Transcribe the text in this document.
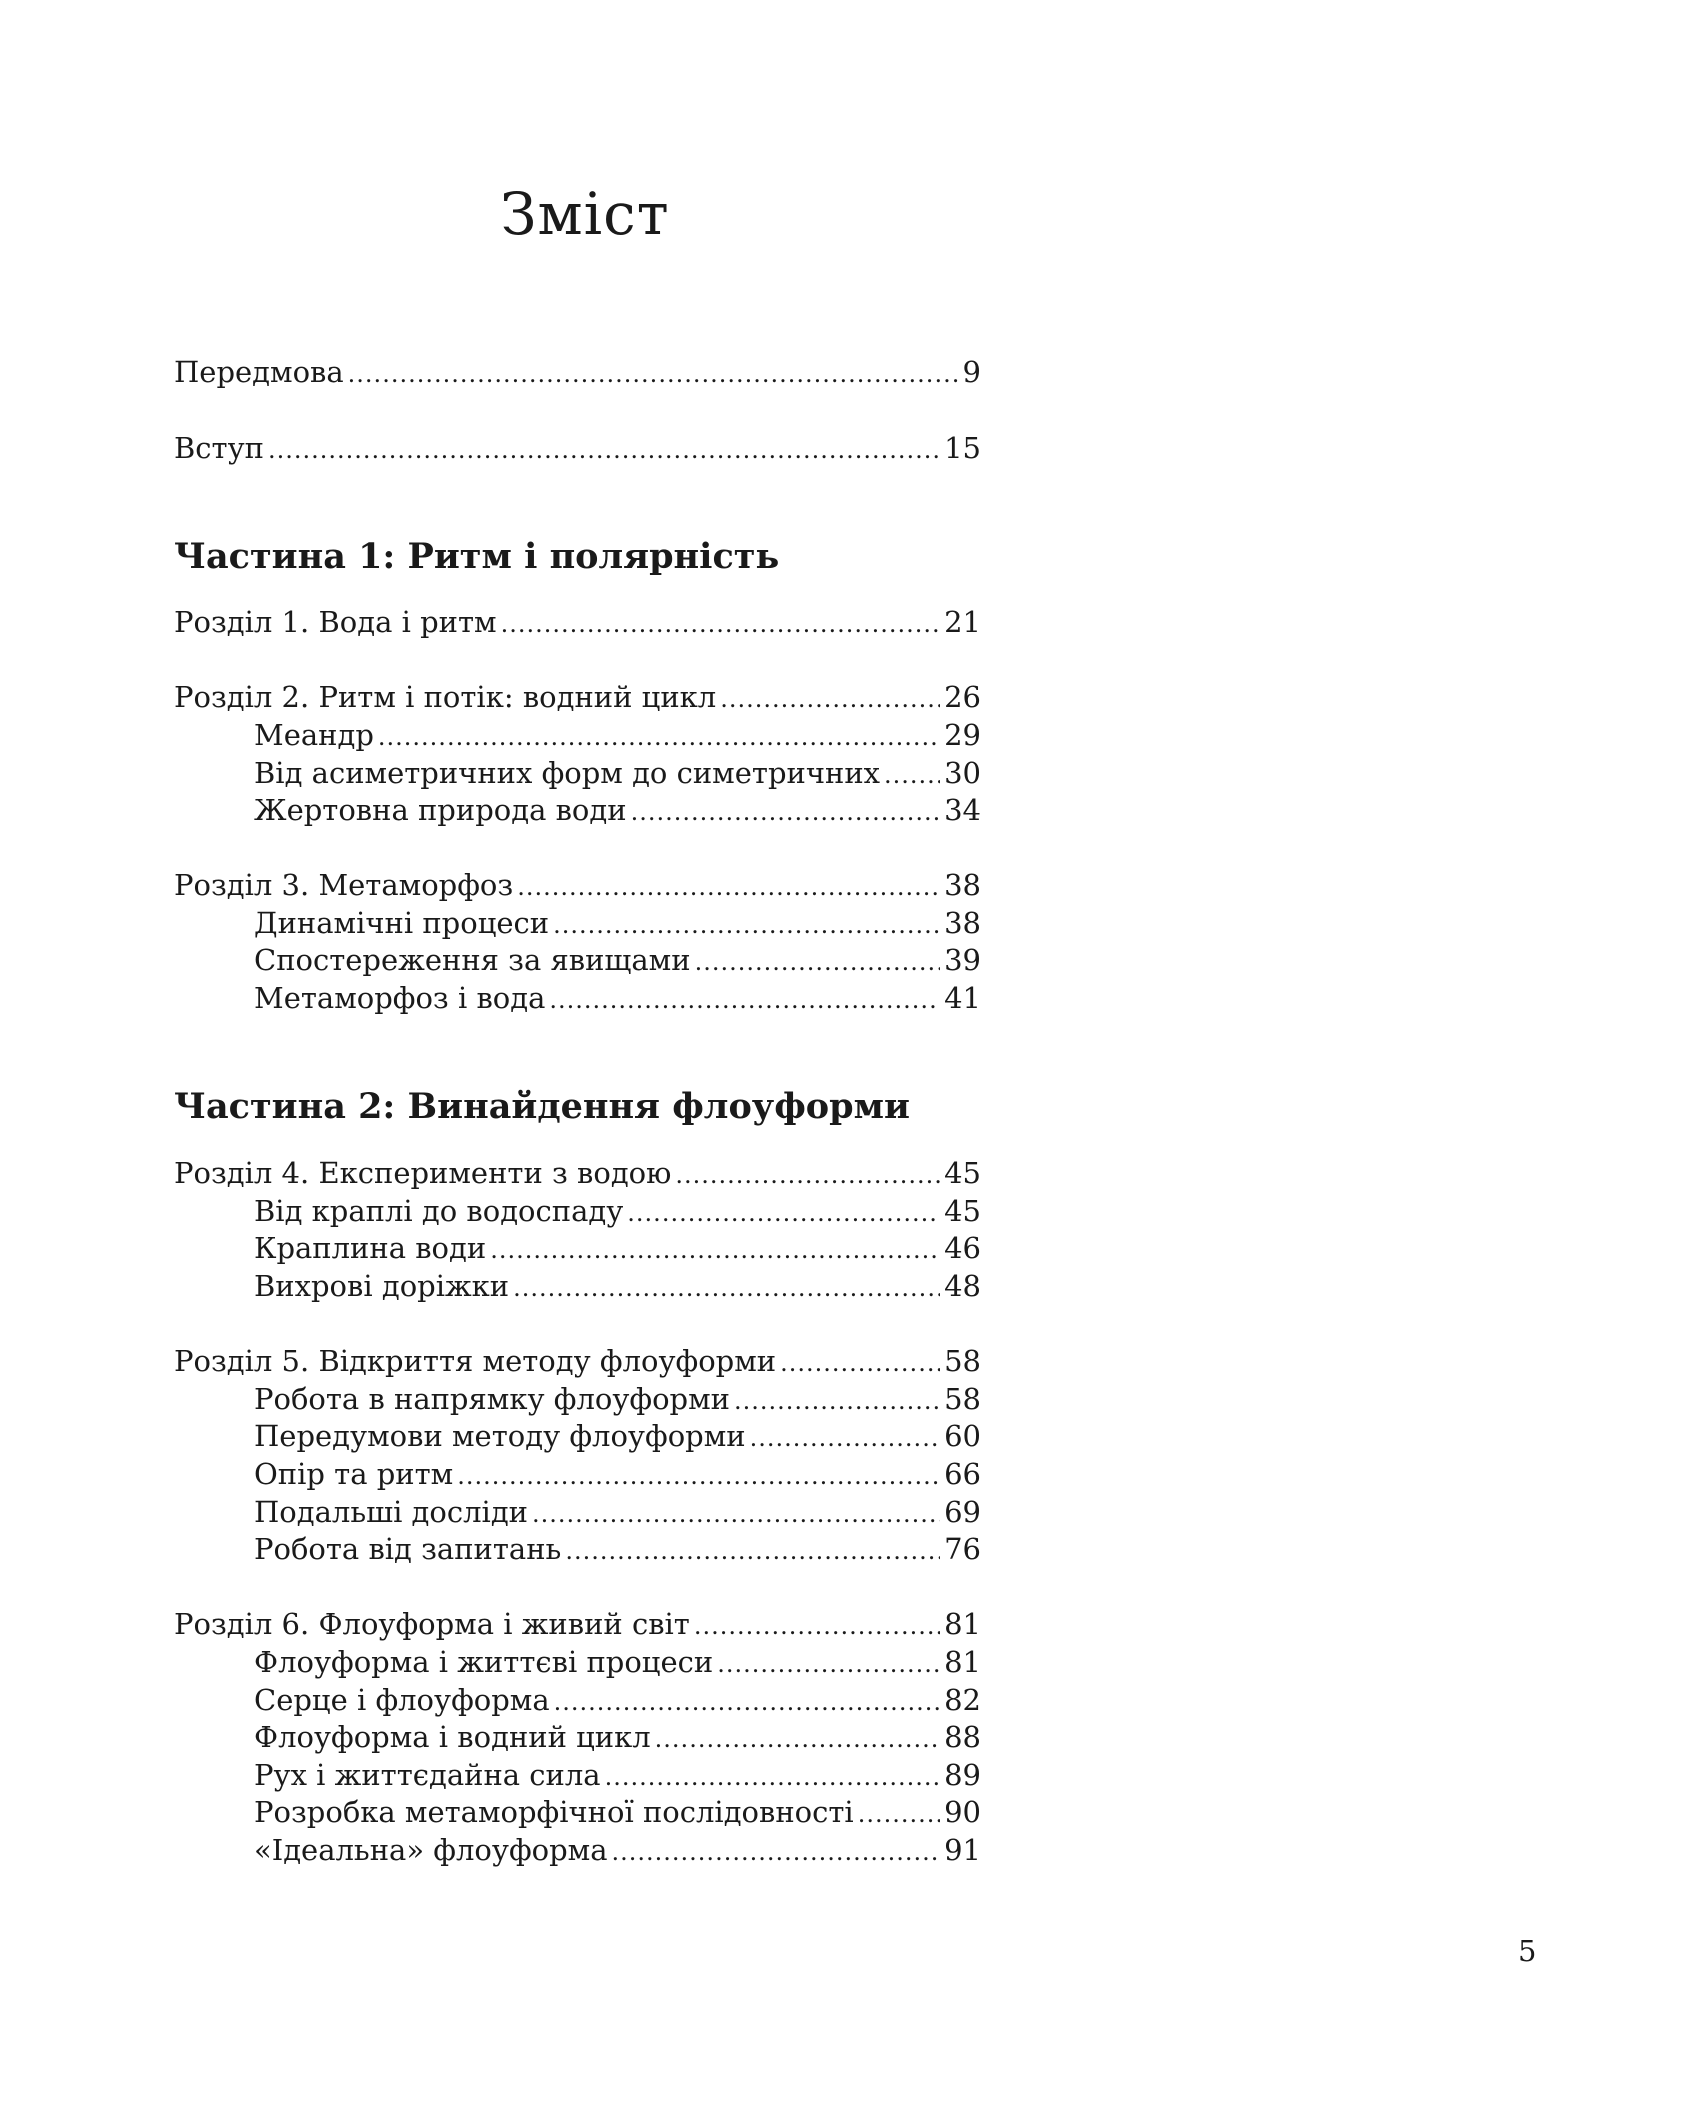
Зміст
Передмова .....	9
Вступ .....	15
Частина 1: Ритм і полярність
Розділ 1. Вода і ритм .....	21
Розділ 2. Ритм і потік: водний цикл .....	26
Меандр .....	29
Від асиметричних форм до симетричних ..... 30
Жертовна природа води .....	34
Розділ 3. Метаморфоз .....	38
Динамічні процеси .....	38
Спостереження за явищами .....	39
Метаморфоз і вода .....	41
Частина 2: Винайдення флоуформи
Розділ 4. Експерименти з водою .....	45
Від краплі до водоспаду .....	45
Краплина води .....	46
Вихрові доріжки .....	48
Розділ 5. Відкриття методу флоуформи .....	58
Робота в напрямку флоуформи .....	58
Передумови методу флоуформи .....	60
Опір та ритм .....	66
Подальші досліди .....	69
Робота від запитань .....	76
Розділ 6. Флоуформа і живий світ .....	81
Флоуформа і життєві процеси .....	81
Серце і флоуформа .....	82
Флоуформа і водний цикл .....	88
Рух і життєдайна сила .....	89
Розробка метаморфічної послідовності .....	90
«Ідеальна» флоуформа .....	91
5
